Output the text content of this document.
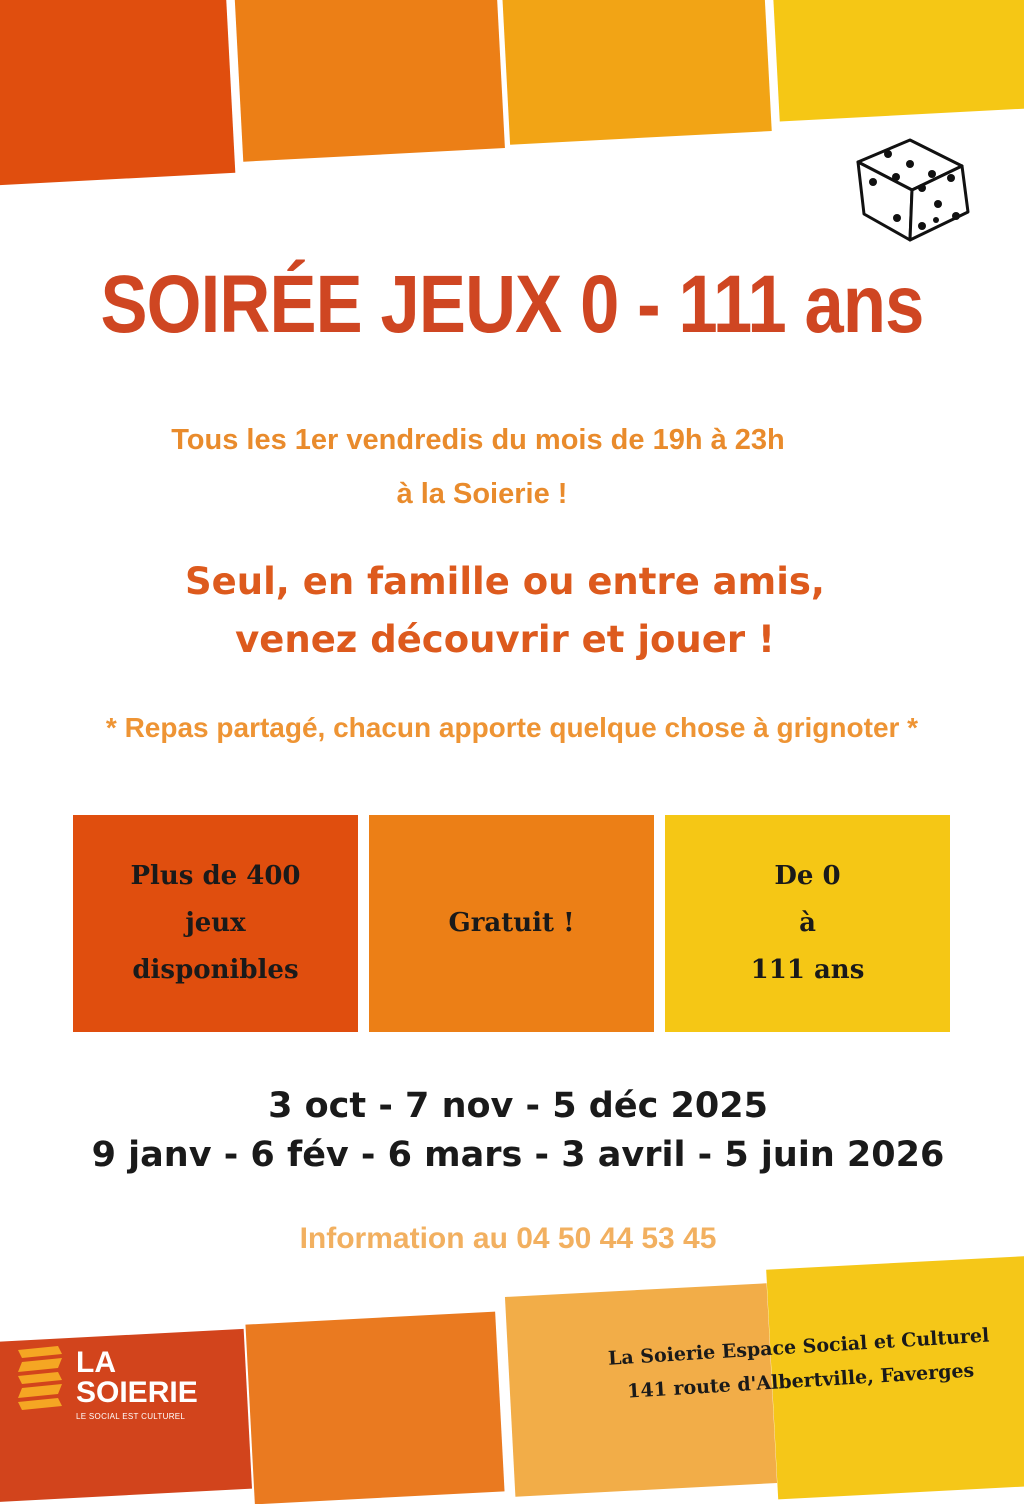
SOIRÉE JEUX 0 - 111 ans
Tous les 1er vendredis du mois de 19h à 23h
à la Soierie !
Seul, en famille ou entre amis,
venez découvrir et jouer !
* Repas partagé, chacun apporte quelque chose à grignoter *
Plus de 400
jeux
disponibles
Gratuit !
De 0
à
111 ans
3 oct - 7 nov - 5 déc 2025
9 janv - 6 fév - 6 mars - 3 avril - 5 juin 2026
Information au 04 50 44 53 45
LA
SOIERIE
LE SOCIAL EST CULTUREL
La Soierie Espace Social et Culturel
141 route d'Albertville, Faverges
